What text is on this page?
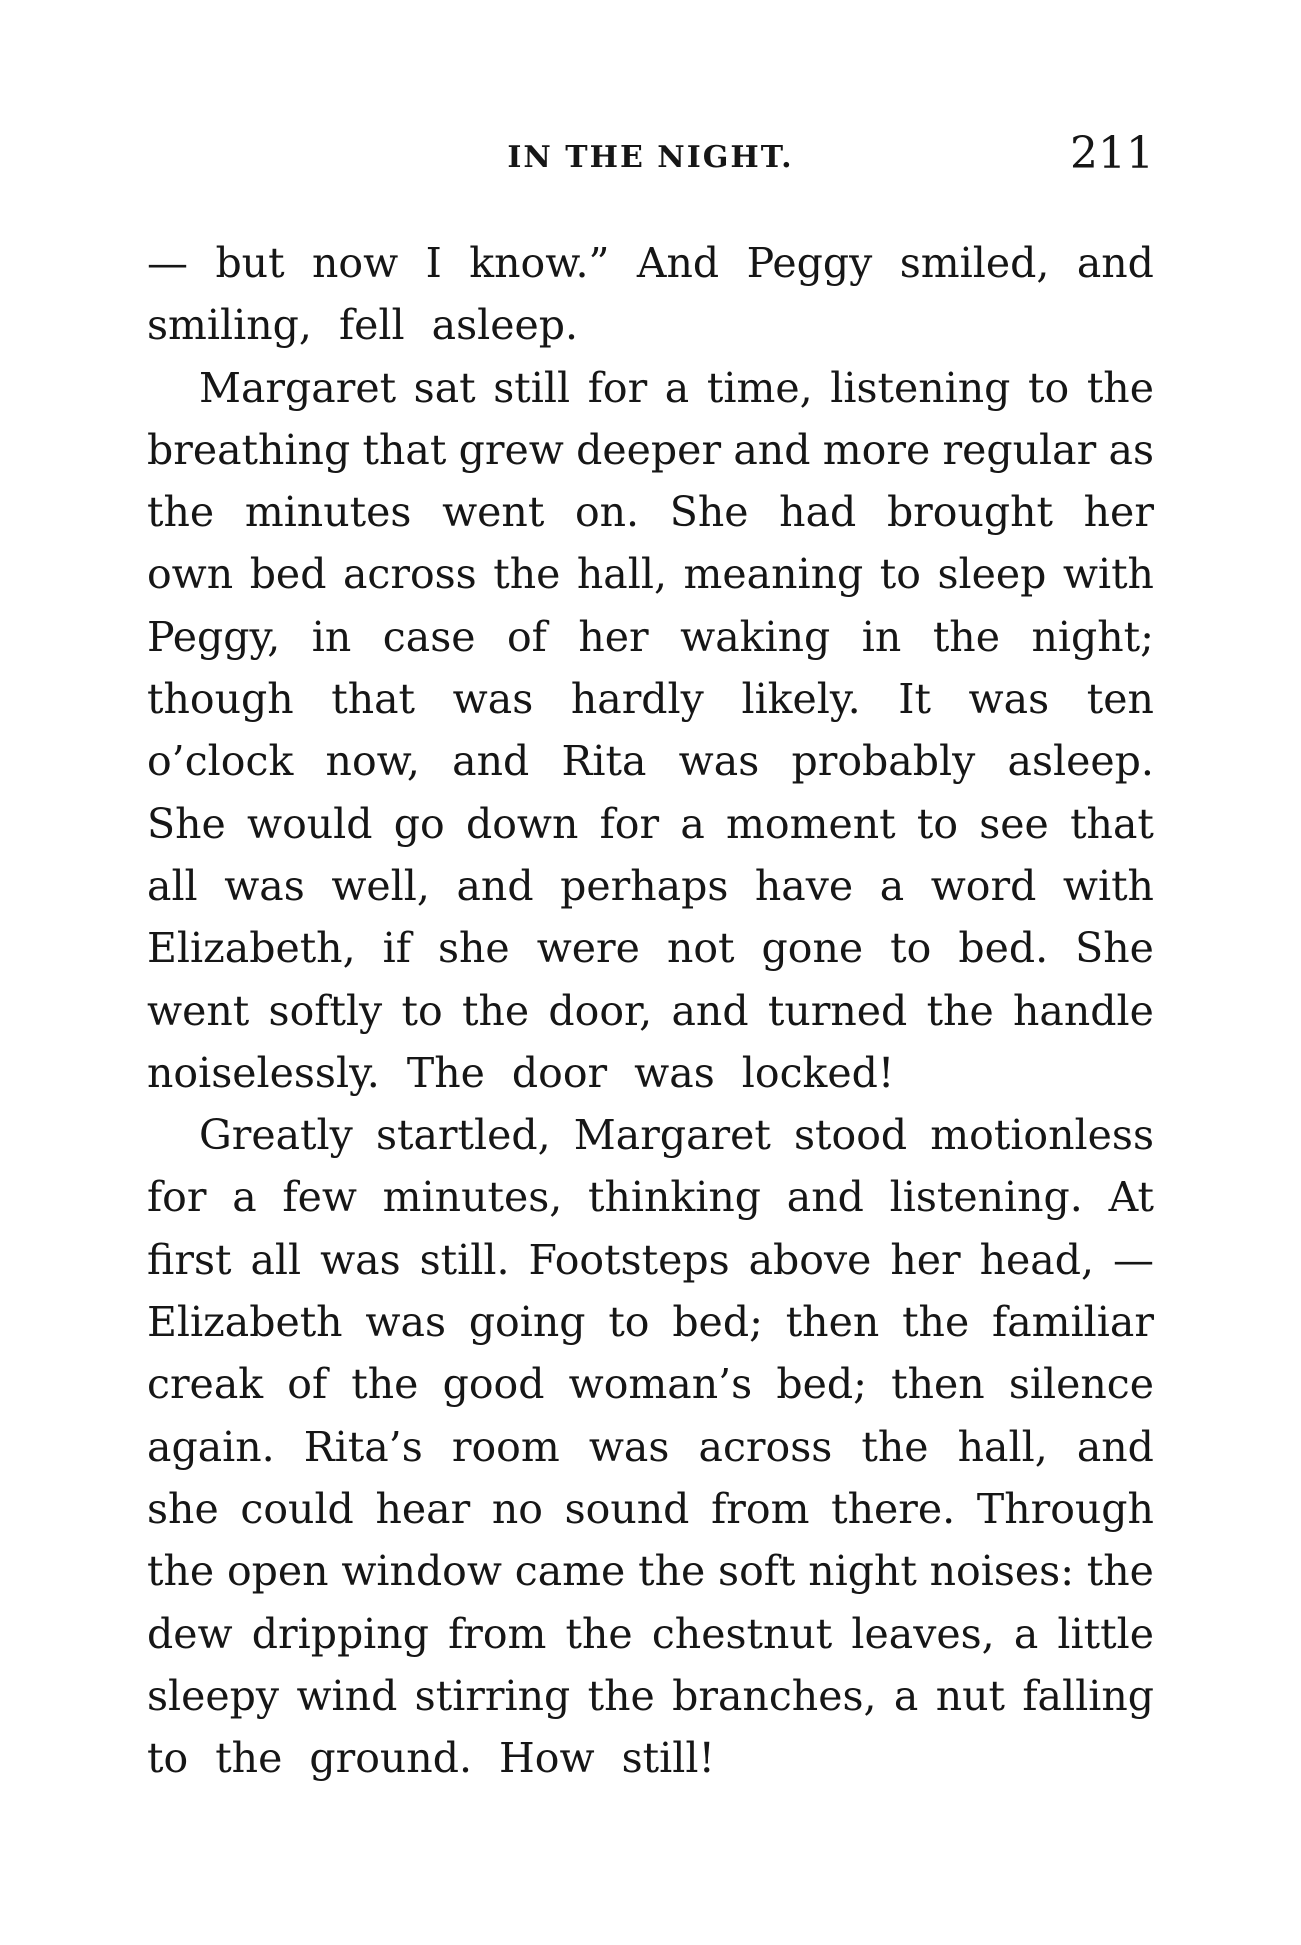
IN THE NIGHT.	211
— but now I know.” And Peggy smiled, and
smiling, fell asleep.
Margaret sat still for a time, listening to the
breathing that grew deeper and more regular as
the minutes went on. She had brought her
own bed across the hall, meaning to sleep with
Peggy, in case of her waking in the night;
though that was hardly likely. It was ten
o’clock now, and Rita was probably asleep.
She would go down for a moment to see that
all was well, and perhaps have a word with
Elizabeth, if she were not gone to bed. She
went softly to the door, and turned the handle
noiselessly. The door was locked!
Greatly startled, Margaret stood motionless
for a few minutes, thinking and listening. At
first all was still. Footsteps above her head, —
Elizabeth was going to bed; then the familiar
creak of the good woman’s bed; then silence
again. Rita’s room was across the hall, and
she could hear no sound from there. Through
the open window came the soft night noises: the
dew dripping from the chestnut leaves, a little
sleepy wind stirring the branches, a nut falling
to the ground. How still!
